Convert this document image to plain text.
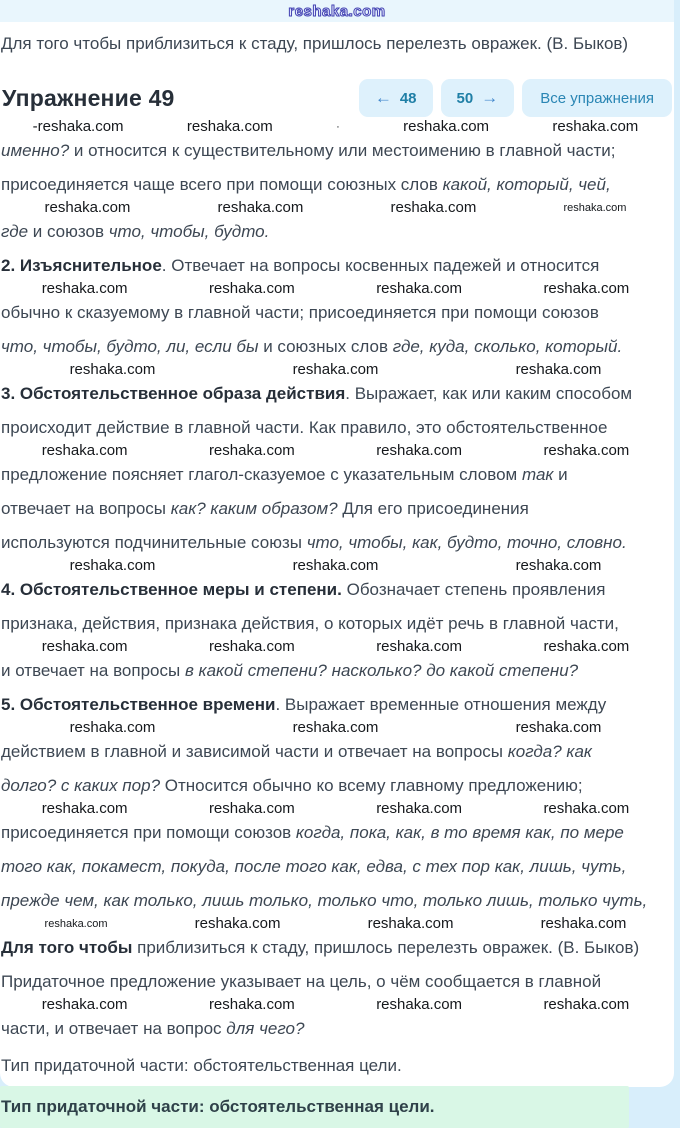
reshaka.com

Для того чтобы приблизиться к стаду, пришлось перелезть овражек. (В. Быков)

Упражнение 49	← 48	50 →	Все упражнения
-reshaka.com	reshaka.com	·	reshaka.com	reshaka.com

именно? и относится к существительному или местоимению в главной части;

присоединяется чаще всего при помощи союзных слов какой, который, чей,

reshaka.com	reshaka.com	reshaka.com	reshaka.com

где и союзов что, чтобы, будто.

2. Изъяснительное. Отвечает на вопросы косвенных падежей и относится

reshaka.com	reshaka.com	reshaka.com	reshaka.com

обычно к сказуемому в главной части; присоединяется при помощи союзов

что, чтобы, будто, ли, если бы и союзных слов где, куда, сколько, который.

reshaka.com	reshaka.com	reshaka.com

3. Обстоятельственное образа действия. Выражает, как или каким способом

происходит действие в главной части. Как правило, это обстоятельственное

reshaka.com	reshaka.com	reshaka.com	reshaka.com

предложение поясняет глагол-сказуемое с указательным словом так и

отвечает на вопросы как? каким образом? Для его присоединения

используются подчинительные союзы что, чтобы, как, будто, точно, словно.

reshaka.com	reshaka.com	reshaka.com

4. Обстоятельственное меры и степени. Обозначает степень проявления

признака, действия, признака действия, о которых идёт речь в главной части,

reshaka.com	reshaka.com	reshaka.com	reshaka.com

и отвечает на вопросы в какой степени? насколько? до какой степени?

5. Обстоятельственное времени. Выражает временные отношения между

reshaka.com	reshaka.com	reshaka.com

действием в главной и зависимой части и отвечает на вопросы когда? как

долго? с каких пор? Относится обычно ко всему главному предложению;

reshaka.com	reshaka.com	reshaka.com	reshaka.com

присоединяется при помощи союзов когда, пока, как, в то время как, по мере

того как, покамест, покуда, после того как, едва, с тех пор как, лишь, чуть,

прежде чем, как только, лишь только, только что, только лишь, только чуть,

reshaka.com	reshaka.com	reshaka.com	reshaka.com

Для того чтобы приблизиться к стаду, пришлось перелезть овражек. (В. Быков)

Придаточное предложение указывает на цель, о чём сообщается в главной

reshaka.com	reshaka.com	reshaka.com	reshaka.com

части, и отвечает на вопрос для чего?

Тип придаточной части: обстоятельственная цели.

Тип придаточной части: обстоятельственная цели.
